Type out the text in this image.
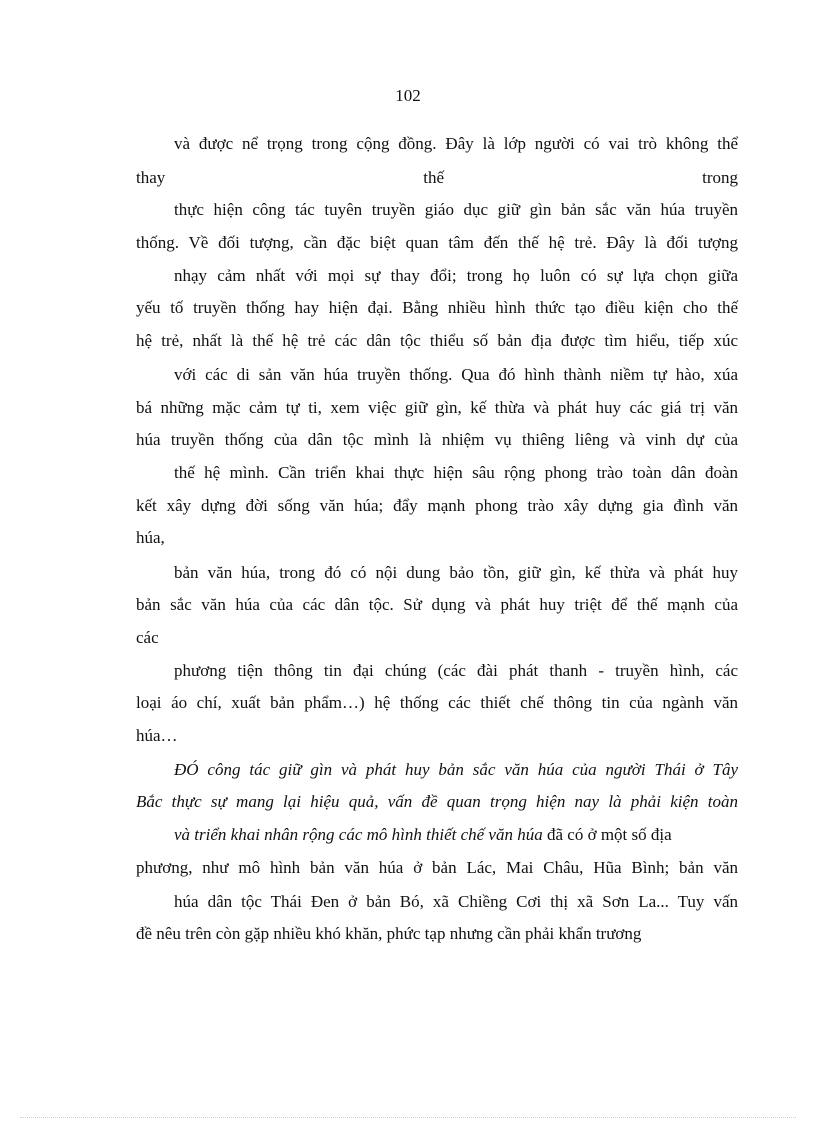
102
và được nể trọng trong cộng đồng. Đây là lớp người có vai trò không thể
thay	thế	trong
thực hiện công tác tuyên truyền giáo dục giữ gìn bản sắc văn húa truyền
thống. Về đối tượng, cần đặc biệt quan tâm đến thế hệ trẻ. Đây là đối tượng
nhạy cảm nhất với mọi sự thay đổi; trong họ luôn có sự lựa chọn giữa
yếu tố truyền thống hay hiện đại. Bằng nhiều hình thức tạo điều kiện cho thế
hệ trẻ, nhất là thế hệ trẻ các dân tộc thiểu số bản địa được tìm hiểu, tiếp xúc
với các di sản văn húa truyền thống. Qua đó hình thành niềm tự hào, xúa
bá những mặc cảm tự ti, xem việc giữ gìn, kế thừa và phát huy các giá trị văn
húa truyền thống của dân tộc mình là nhiệm vụ thiêng liêng và vinh dự của
thế hệ mình. Cần triển khai thực hiện sâu rộng phong trào toàn dân đoàn
kết xây dựng đời sống văn húa; đẩy mạnh phong trào xây dựng gia đình văn
húa,
bản văn húa, trong đó có nội dung bảo tồn, giữ gìn, kế thừa và phát huy
bản sắc văn húa của các dân tộc. Sử dụng và phát huy triệt để thế mạnh của
các
phương tiện thông tin đại chúng (các đài phát thanh - truyền hình, các
loại áo chí, xuất bản phẩm…) hệ thống các thiết chế thông tin của ngành văn
húa…
ĐÓ công tác giữ gìn và phát huy bản sắc văn húa của người Thái ở Tây
Bắc thực sự mang lại hiệu quả, vấn đề quan trọng hiện nay là phải kiện toàn
và triển khai nhân rộng các mô hình thiết chế văn húa đã có ở một số địa
phương, như mô hình bản văn húa ở bản Lác, Mai Châu, Hũa Bình; bản văn
húa dân tộc Thái Đen ở bản Bó, xã Chiềng Cơi thị xã Sơn La... Tuy vấn
đề nêu trên còn gặp nhiều khó khăn, phức tạp nhưng cần phải khẩn trương
